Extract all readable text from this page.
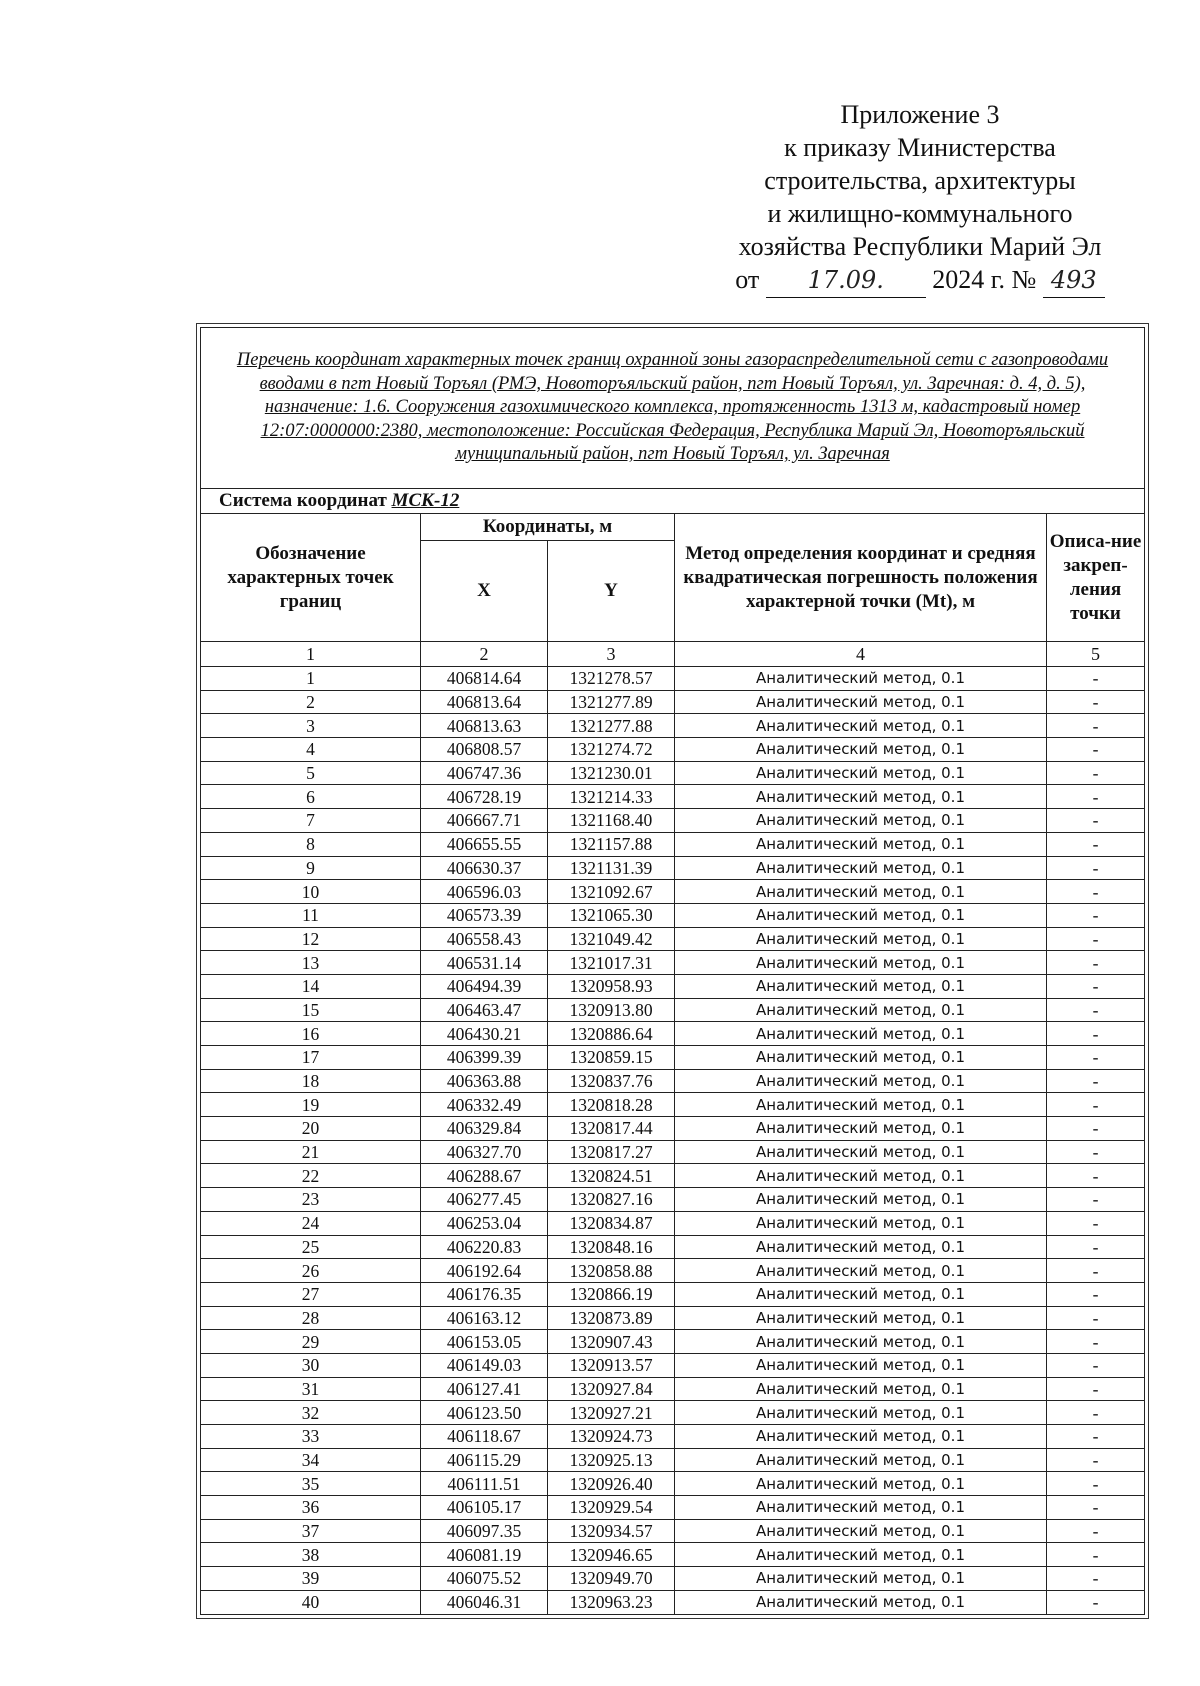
Приложение 3
к приказу Министерства
строительства, архитектуры
и жилищно-коммунального
хозяйства Республики Марий Эл
от 17.09. 2024 г. № 493
Перечень координат характерных точек границ охранной зоны газораспределительной сети с газопроводами вводами в пгт Новый Торъял (РМЭ, Новоторъяльский район, пгт Новый Торъял, ул. Заречная: д. 4, д. 5), назначение: 1.6. Сооружения газохимического комплекса, протяженность 1313 м, кадастровый номер 12:07:0000000:2380, местоположение: Российская Федерация, Республика Марий Эл, Новоторъяльский муниципальный район, пгт Новый Торъял, ул. Заречная				
Система координат МСК-12				
Обозначение характерных точек границ	Координаты, м		Метод определения координат и средняя квадратическая погрешность положения характерной точки (Mt), м	Описа-ние закреп-ления точки
	X	Y		
1	2	3	4	5
1	406814.64	1321278.57	Аналитический метод, 0.1	-
2	406813.64	1321277.89	Аналитический метод, 0.1	-
3	406813.63	1321277.88	Аналитический метод, 0.1	-
4	406808.57	1321274.72	Аналитический метод, 0.1	-
5	406747.36	1321230.01	Аналитический метод, 0.1	-
6	406728.19	1321214.33	Аналитический метод, 0.1	-
7	406667.71	1321168.40	Аналитический метод, 0.1	-
8	406655.55	1321157.88	Аналитический метод, 0.1	-
9	406630.37	1321131.39	Аналитический метод, 0.1	-
10	406596.03	1321092.67	Аналитический метод, 0.1	-
11	406573.39	1321065.30	Аналитический метод, 0.1	-
12	406558.43	1321049.42	Аналитический метод, 0.1	-
13	406531.14	1321017.31	Аналитический метод, 0.1	-
14	406494.39	1320958.93	Аналитический метод, 0.1	-
15	406463.47	1320913.80	Аналитический метод, 0.1	-
16	406430.21	1320886.64	Аналитический метод, 0.1	-
17	406399.39	1320859.15	Аналитический метод, 0.1	-
18	406363.88	1320837.76	Аналитический метод, 0.1	-
19	406332.49	1320818.28	Аналитический метод, 0.1	-
20	406329.84	1320817.44	Аналитический метод, 0.1	-
21	406327.70	1320817.27	Аналитический метод, 0.1	-
22	406288.67	1320824.51	Аналитический метод, 0.1	-
23	406277.45	1320827.16	Аналитический метод, 0.1	-
24	406253.04	1320834.87	Аналитический метод, 0.1	-
25	406220.83	1320848.16	Аналитический метод, 0.1	-
26	406192.64	1320858.88	Аналитический метод, 0.1	-
27	406176.35	1320866.19	Аналитический метод, 0.1	-
28	406163.12	1320873.89	Аналитический метод, 0.1	-
29	406153.05	1320907.43	Аналитический метод, 0.1	-
30	406149.03	1320913.57	Аналитический метод, 0.1	-
31	406127.41	1320927.84	Аналитический метод, 0.1	-
32	406123.50	1320927.21	Аналитический метод, 0.1	-
33	406118.67	1320924.73	Аналитический метод, 0.1	-
34	406115.29	1320925.13	Аналитический метод, 0.1	-
35	406111.51	1320926.40	Аналитический метод, 0.1	-
36	406105.17	1320929.54	Аналитический метод, 0.1	-
37	406097.35	1320934.57	Аналитический метод, 0.1	-
38	406081.19	1320946.65	Аналитический метод, 0.1	-
39	406075.52	1320949.70	Аналитический метод, 0.1	-
40	406046.31	1320963.23	Аналитический метод, 0.1	-
